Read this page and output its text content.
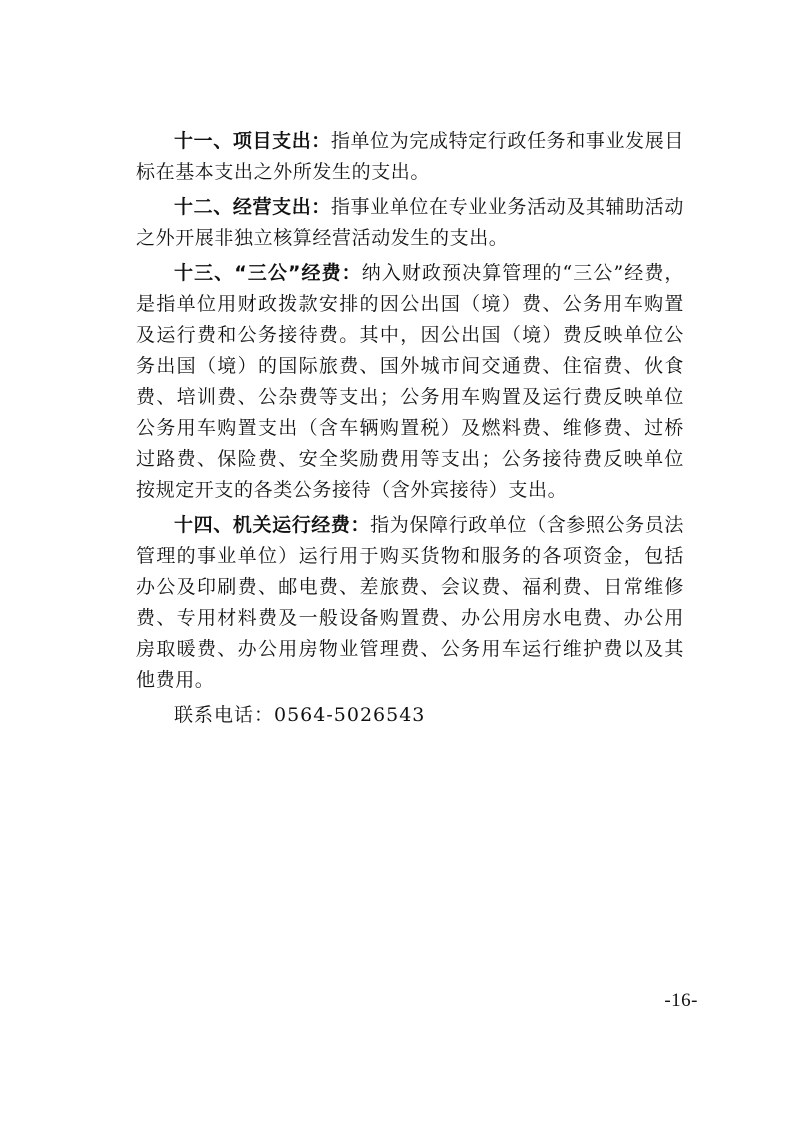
十一、项目支出：指单位为完成特定行政任务和事业发展目标在基本支出之外所发生的支出。

十二、经营支出：指事业单位在专业业务活动及其辅助活动之外开展非独立核算经营活动发生的支出。

十三、“三公”经费：纳入财政预决算管理的“三公”经费，是指单位用财政拨款安排的因公出国（境）费、公务用车购置及运行费和公务接待费。其中，因公出国（境）费反映单位公务出国（境）的国际旅费、国外城市间交通费、住宿费、伙食费、培训费、公杂费等支出；公务用车购置及运行费反映单位公务用车购置支出（含车辆购置税）及燃料费、维修费、过桥过路费、保险费、安全奖励费用等支出；公务接待费反映单位按规定开支的各类公务接待（含外宾接待）支出。

十四、机关运行经费：指为保障行政单位（含参照公务员法管理的事业单位）运行用于购买货物和服务的各项资金，包括办公及印刷费、邮电费、差旅费、会议费、福利费、日常维修费、专用材料费及一般设备购置费、办公用房水电费、办公用房取暖费、办公用房物业管理费、公务用车运行维护费以及其他费用。

联系电话：0564-5026543

-16-
